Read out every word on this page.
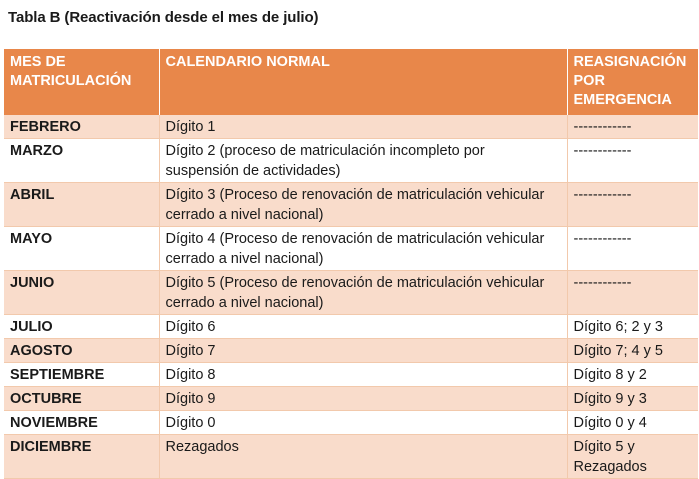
Tabla B (Reactivación desde el mes de julio)
MES DE MATRICULACIÓN	CALENDARIO NORMAL	REASIGNACIÓN POR EMERGENCIA
FEBRERO	Dígito 1	------------
MARZO	Dígito 2 (proceso de matriculación incompleto por suspensión de actividades)	------------
ABRIL	Dígito 3 (Proceso de renovación de matriculación vehicular cerrado a nivel nacional)	------------
MAYO	Dígito 4 (Proceso de renovación de matriculación vehicular cerrado a nivel nacional)	------------
JUNIO	Dígito 5 (Proceso de renovación de matriculación vehicular cerrado a nivel nacional)	------------
JULIO	Dígito 6	Dígito 6; 2 y 3
AGOSTO	Dígito 7	Dígito 7; 4 y 5
SEPTIEMBRE	Dígito 8	Dígito 8 y 2
OCTUBRE	Dígito 9	Dígito 9 y 3
NOVIEMBRE	Dígito 0	Dígito 0 y 4
DICIEMBRE	Rezagados	Dígito 5 y Rezagados
